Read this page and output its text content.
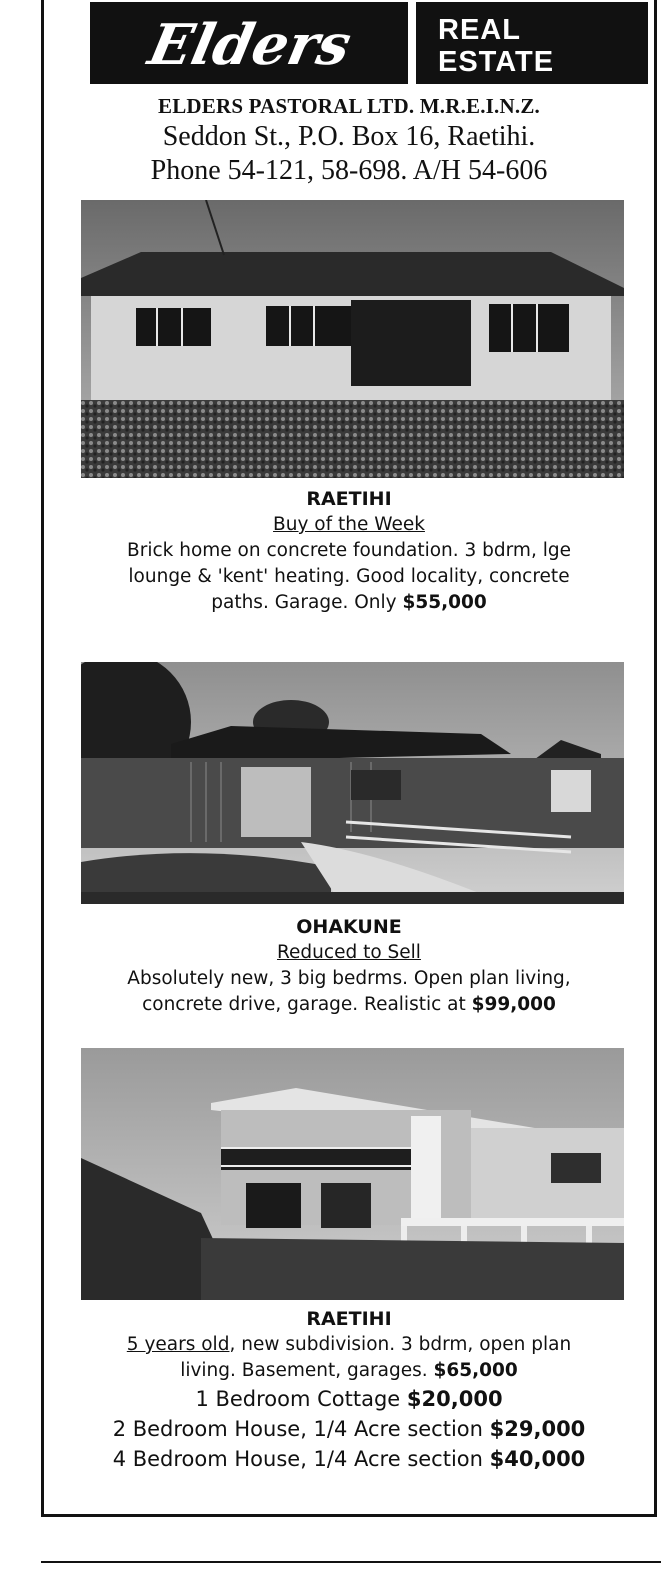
Elders	REAL
ESTATE
ELDERS PASTORAL LTD. M.R.E.I.N.Z.
Seddon St., P.O. Box 16, Raetihi.
Phone 54-121, 58-698. A/H 54-606
RAETIHI
Buy of the Week
Brick home on concrete foundation. 3 bdrm, lge
lounge & 'kent' heating. Good locality, concrete
paths. Garage. Only $55,000
OHAKUNE
Reduced to Sell
Absolutely new, 3 big bedrms. Open plan living,
concrete drive, garage. Realistic at $99,000
RAETIHI
5 years old, new subdivision. 3 bdrm, open plan
living. Basement, garages. $65,000
1 Bedroom Cottage $20,000
2 Bedroom House, 1/4 Acre section $29,000
4 Bedroom House, 1/4 Acre section $40,000
